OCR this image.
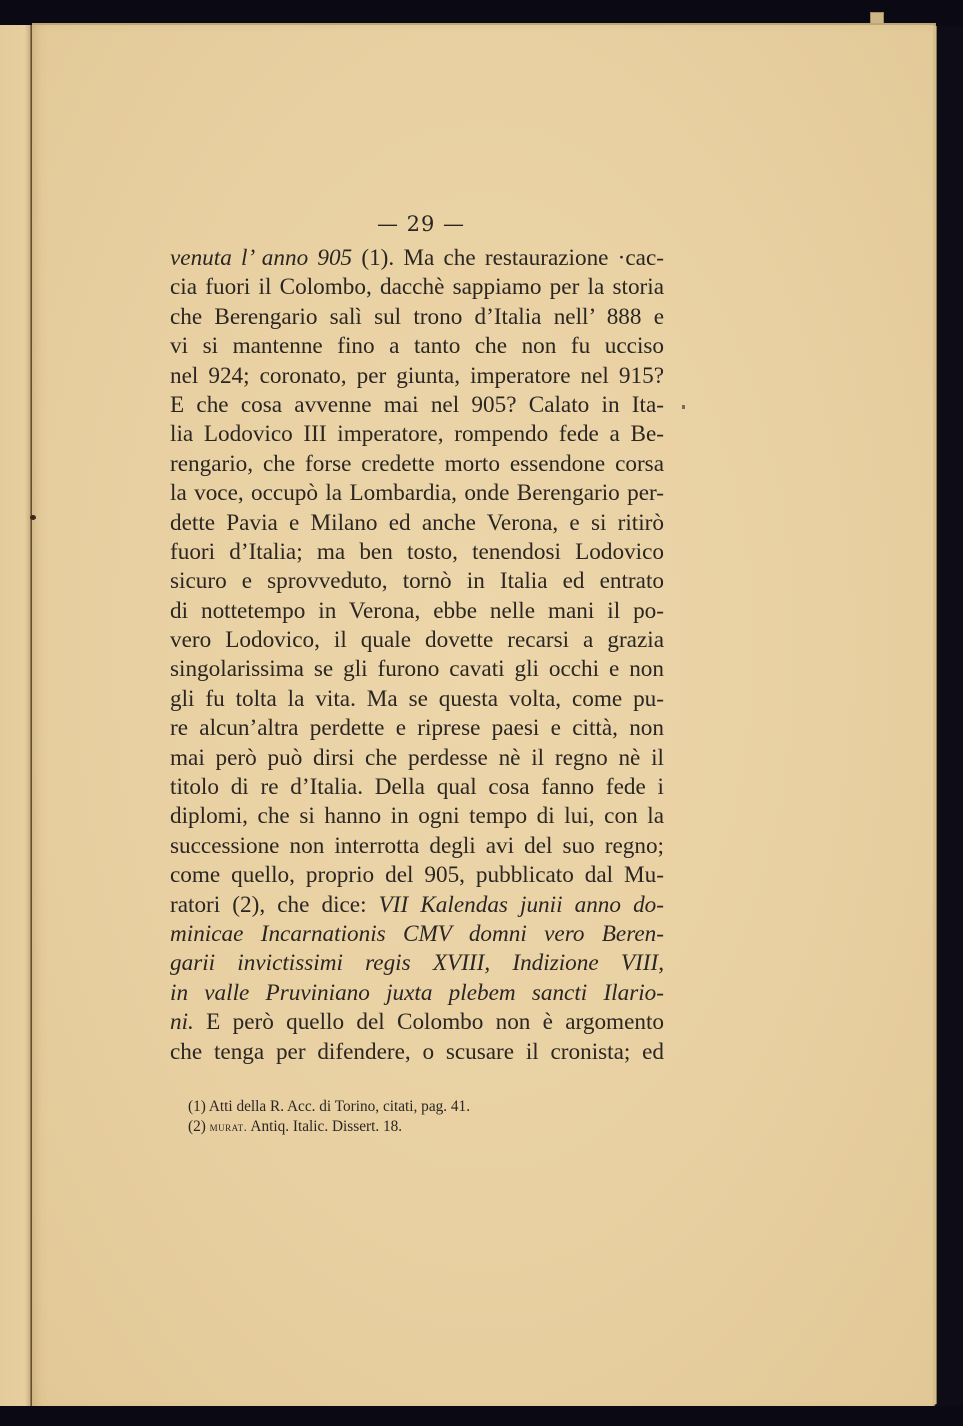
— 29 —
venuta l’ anno 905 (1). Ma che restaurazione ·cac-
cia fuori il Colombo, dacchè sappiamo per la storia
che Berengario salì sul trono d’Italia nell’ 888 e
vi si mantenne fino a tanto che non fu ucciso
nel 924; coronato, per giunta, imperatore nel 915?
E che cosa avvenne mai nel 905? Calato in Ita-
lia Lodovico III imperatore, rompendo fede a Be-
rengario, che forse credette morto essendone corsa
la voce, occupò la Lombardia, onde Berengario per-
dette Pavia e Milano ed anche Verona, e si ritirò
fuori d’Italia; ma ben tosto, tenendosi Lodovico
sicuro e sprovveduto, tornò in Italia ed entrato
di nottetempo in Verona, ebbe nelle mani il po-
vero Lodovico, il quale dovette recarsi a grazia
singolarissima se gli furono cavati gli occhi e non
gli fu tolta la vita. Ma se questa volta, come pu-
re alcun’altra perdette e riprese paesi e città, non
mai però può dirsi che perdesse nè il regno nè il
titolo di re d’Italia. Della qual cosa fanno fede i
diplomi, che si hanno in ogni tempo di lui, con la
successione non interrotta degli avi del suo regno;
come quello, proprio del 905, pubblicato dal Mu-
ratori (2), che dice: VII Kalendas junii anno do-
minicae Incarnationis CMV domni vero Beren-
garii invictissimi regis XVIII, Indizione VIII,
in valle Pruviniano juxta plebem sancti Ilario-
ni. E però quello del Colombo non è argomento
che tenga per difendere, o scusare il cronista; ed
(1) Atti della R. Acc. di Torino, citati, pag. 41.
(2) murat. Antiq. Italic. Dissert. 18.
